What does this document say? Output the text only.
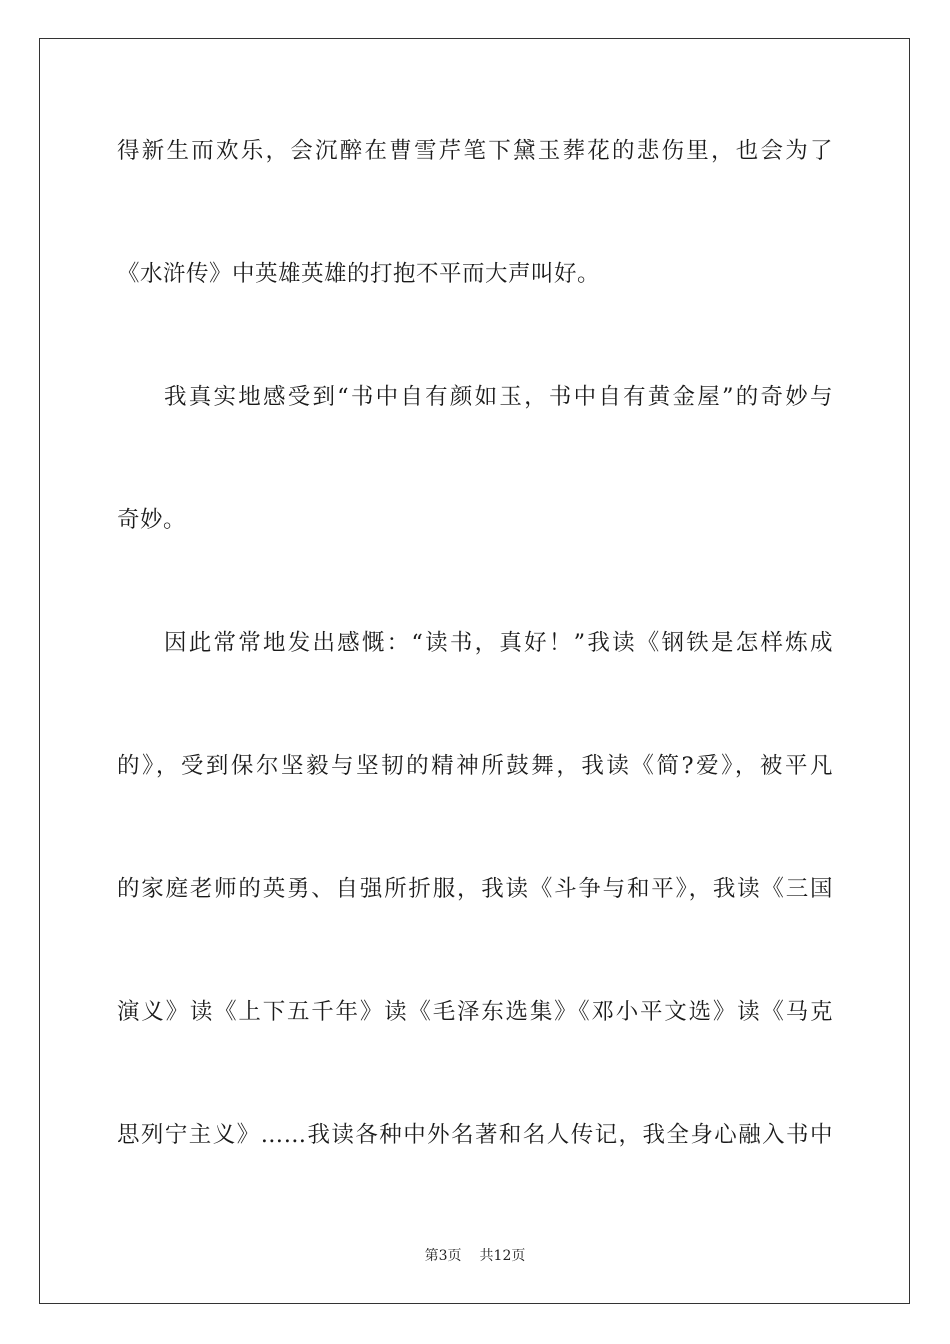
得新生而欢乐，会沉醉在曹雪芹笔下黛玉葬花的悲伤里，也会为了
《水浒传》中英雄英雄的打抱不平而大声叫好。
我真实地感受到“书中自有颜如玉，书中自有黄金屋”的奇妙与
奇妙。
因此常常地发出感慨：“读书，真好！”我读《钢铁是怎样炼成
的》，受到保尔坚毅与坚韧的精神所鼓舞，我读《简?爱》，被平凡
的家庭老师的英勇、自强所折服，我读《斗争与和平》，我读《三国
演义》读《上下五千年》读《毛泽东选集》《邓小平文选》读《马克
思列宁主义》……我读各种中外名著和名人传记，我全身心融入书中
第3页 共12页
